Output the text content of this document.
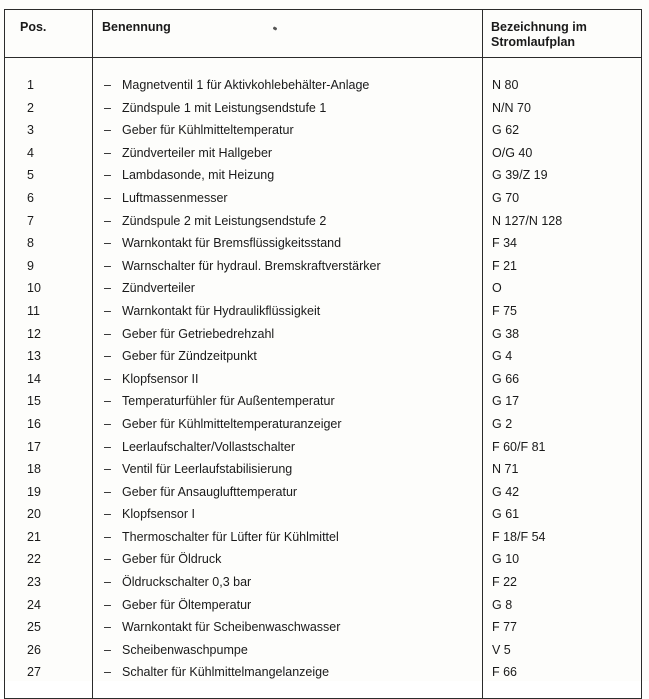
Pos.	Benennung	Bezeichnung im
Stromlaufplan
1	– Magnetventil 1 für Aktivkohlebehälter-Anlage	N 80
2	– Zündspule 1 mit Leistungsendstufe 1	N/N 70
3	– Geber für Kühlmitteltemperatur	G 62
4	– Zündverteiler mit Hallgeber	O/G 40
5	– Lambdasonde, mit Heizung	G 39/Z 19
6	– Luftmassenmesser	G 70
7	– Zündspule 2 mit Leistungsendstufe 2	N 127/N 128
8	– Warnkontakt für Bremsflüssigkeitsstand	F 34
9	– Warnschalter für hydraul. Bremskraftverstärker	F 21
10	– Zündverteiler	O
11	– Warnkontakt für Hydraulikflüssigkeit	F 75
12	– Geber für Getriebedrehzahl	G 38
13	– Geber für Zündzeitpunkt	G 4
14	– Klopfsensor II	G 66
15	– Temperaturfühler für Außentemperatur	G 17
16	– Geber für Kühlmitteltemperaturanzeiger	G 2
17	– Leerlaufschalter/Vollastschalter	F 60/F 81
18	– Ventil für Leerlaufstabilisierung	N 71
19	– Geber für Ansauglufttemperatur	G 42
20	– Klopfsensor I	G 61
21	– Thermoschalter für Lüfter für Kühlmittel	F 18/F 54
22	– Geber für Öldruck	G 10
23	– Öldruckschalter 0,3 bar	F 22
24	– Geber für Öltemperatur	G 8
25	– Warnkontakt für Scheibenwaschwasser	F 77
26	– Scheibenwaschpumpe	V 5
27	– Schalter für Kühlmittelmangelanzeige	F 66
